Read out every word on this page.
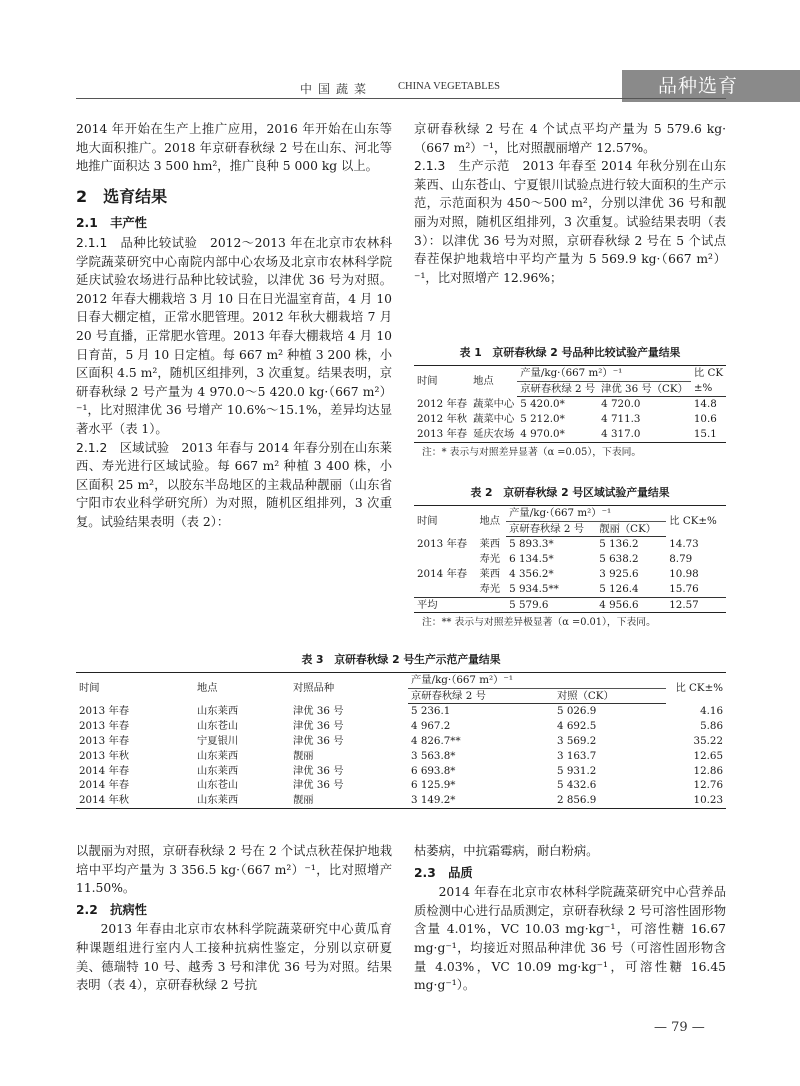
中国蔬菜 CHINA VEGETABLES	品种选育

2014 年开始在生产上推广应用，2016 年开始在山东等地大面积推广。2018 年京研春秋绿 2 号在山东、河北等地推广面积达 3 500 hm²，推广良种 5 000 kg 以上。

2　选育结果
2.1　丰产性

2.1.1　品种比较试验　2012～2013 年在北京市农林科学院蔬菜研究中心南院内部中心农场及北京市农林科学院延庆试验农场进行品种比较试验，以津优 36 号为对照。2012 年春大棚栽培 3 月 10 日在日光温室育苗，4 月 10 日春大棚定植，正常水肥管理。2012 年秋大棚栽培 7 月 20 号直播，正常肥水管理。2013 年春大棚栽培 4 月 10 日育苗，5 月 10 日定植。每 667 m² 种植 3 200 株，小区面积 4.5 m²，随机区组排列，3 次重复。结果表明，京研春秋绿 2 号产量为 4 970.0～5 420.0 kg·（667 m²）⁻¹，比对照津优 36 号增产 10.6%～15.1%，差异均达显著水平（表 1）。

2.1.2　区域试验　2013 年春与 2014 年春分别在山东莱西、寿光进行区域试验。每 667 m² 种植 3 400 株，小区面积 25 m²，以胶东半岛地区的主栽品种靓丽（山东省宁阳市农业科学研究所）为对照，随机区组排列，3 次重复。试验结果表明（表 2）：

京研春秋绿 2 号在 4 个试点平均产量为 5 579.6 kg·（667 m²）⁻¹，比对照靓丽增产 12.57%。

2.1.3　生产示范　2013 年春至 2014 年秋分别在山东莱西、山东苍山、宁夏银川试验点进行较大面积的生产示范，示范面积为 450～500 m²，分别以津优 36 号和靓丽为对照，随机区组排列，3 次重复。试验结果表明（表 3）：以津优 36 号为对照，京研春秋绿 2 号在 5 个试点春茬保护地栽培中平均产量为 5 569.9 kg·（667 m²）⁻¹，比对照增产 12.96%；

表 1　京研春秋绿 2 号品种比较试验产量结果
时间	地点	产量/kg·（667 m²）⁻¹		比 CK
		京研春秋绿 2 号	津优 36 号（CK）	±%
2012 年春	蔬菜中心	5 420.0*	4 720.0	14.8
2012 年秋	蔬菜中心	5 212.0*	4 711.3	10.6
2013 年春	延庆农场	4 970.0*	4 317.0	15.1
注：* 表示与对照差异显著（α =0.05），下表同。
表 2　京研春秋绿 2 号区域试验产量结果
时间	地点	产量/kg·（667 m²）⁻¹		比 CK±%
		京研春秋绿 2 号	靓丽（CK）	
2013 年春	莱西	5 893.3*	5 136.2	14.73
	寿光	6 134.5*	5 638.2	8.79
2014 年春	莱西	4 356.2*	3 925.6	10.98
	寿光	5 934.5**	5 126.4	15.76
平均		5 579.6	4 956.6	12.57
注：** 表示与对照差异极显著（α =0.01），下表同。
表 3　京研春秋绿 2 号生产示范产量结果
时间	地点	对照品种	产量/kg·（667 m²）⁻¹		比 CK±%
			京研春秋绿 2 号	对照（CK）	
2013 年春	山东莱西	津优 36 号	5 236.1	5 026.9	4.16
2013 年春	山东苍山	津优 36 号	4 967.2	4 692.5	5.86
2013 年春	宁夏银川	津优 36 号	4 826.7**	3 569.2	35.22
2013 年秋	山东莱西	靓丽	3 563.8*	3 163.7	12.65
2014 年春	山东莱西	津优 36 号	6 693.8*	5 931.2	12.86
2014 年春	山东苍山	津优 36 号	6 125.9*	5 432.6	12.76
2014 年秋	山东莱西	靓丽	3 149.2*	2 856.9	10.23

以靓丽为对照，京研春秋绿 2 号在 2 个试点秋茬保护地栽培中平均产量为 3 356.5 kg·（667 m²）⁻¹，比对照增产 11.50%。

2.2　抗病性

2013 年春由北京市农林科学院蔬菜研究中心黄瓜育种课题组进行室内人工接种抗病性鉴定，分别以京研夏美、德瑞特 10 号、越秀 3 号和津优 36 号为对照。结果表明（表 4），京研春秋绿 2 号抗

枯萎病，中抗霜霉病，耐白粉病。

2.3　品质

2014 年春在北京市农林科学院蔬菜研究中心营养品质检测中心进行品质测定，京研春秋绿 2 号可溶性固形物含量 4.01%，VC 10.03 mg·kg⁻¹，可溶性糖 16.67 mg·g⁻¹，均接近对照品种津优 36 号（可溶性固形物含量 4.03%，VC 10.09 mg·kg⁻¹，可溶性糖 16.45 mg·g⁻¹）。

— 79 —
